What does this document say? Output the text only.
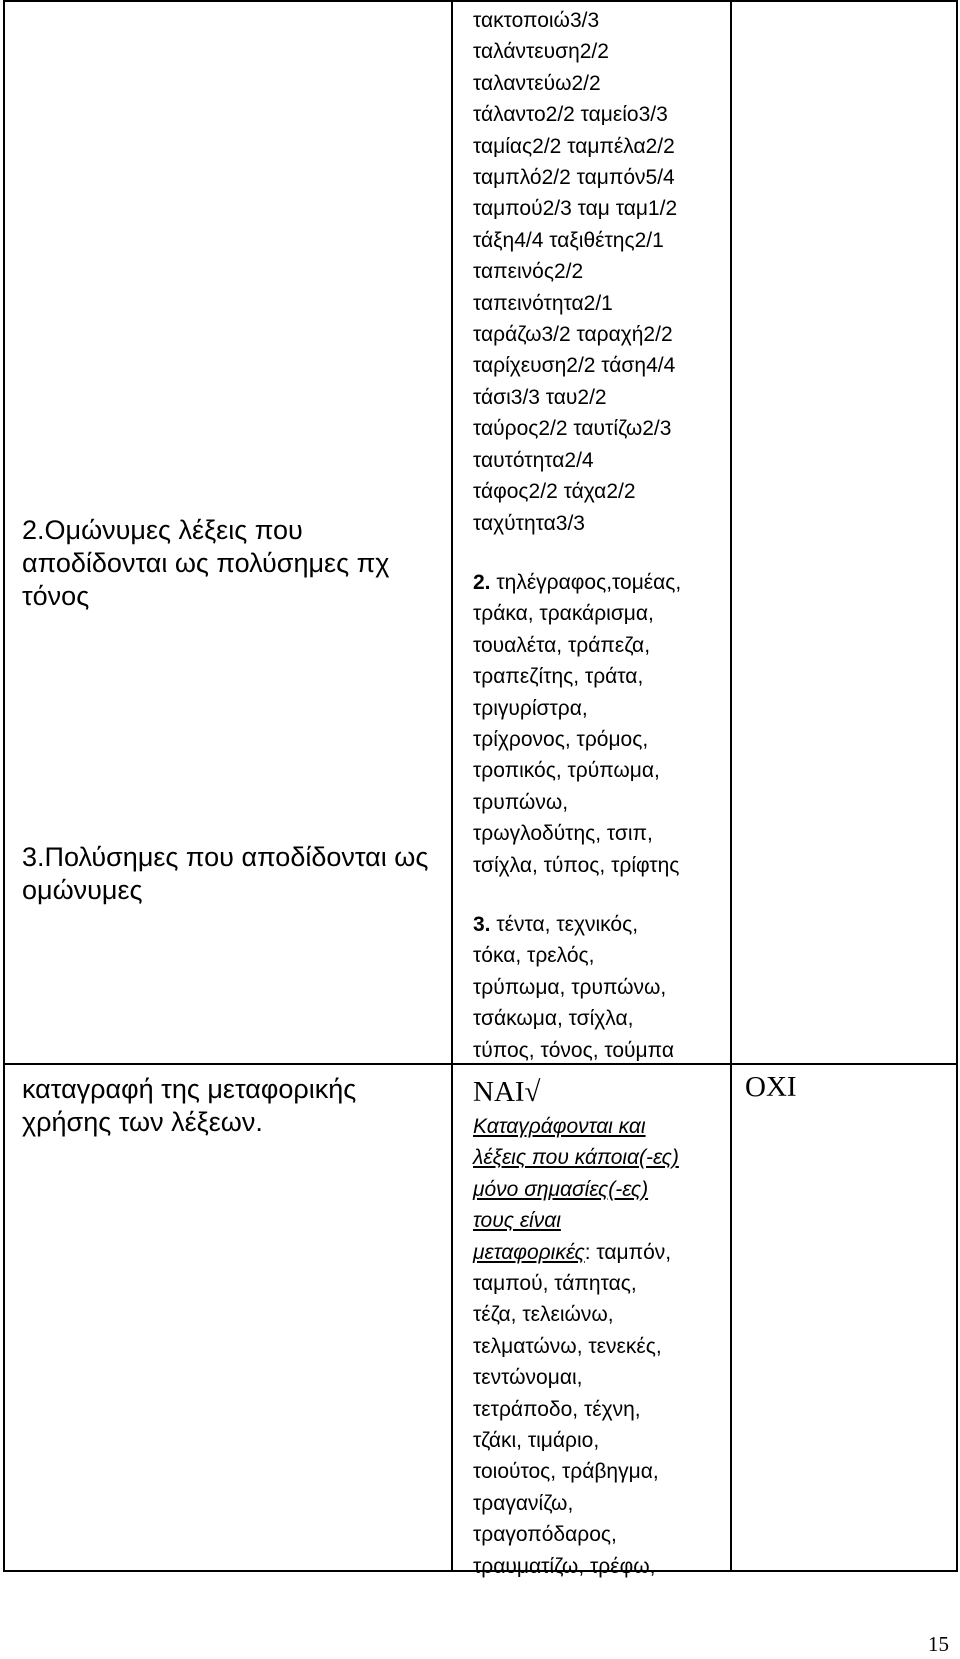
2.Ομώνυμες λέξεις που
αποδίδονται ως πολύσημες πχ
τόνος
3.Πολύσημες που αποδίδονται ως
ομώνυμες
καταγραφή της μεταφορικής
χρήσης των λέξεων.
τακτοποιώ3/3
ταλάντευση2/2
ταλαντεύω2/2
τάλαντο2/2 ταμείο3/3
ταμίας2/2 ταμπέλα2/2
ταμπλό2/2 ταμπόν5/4
ταμπού2/3 ταμ ταμ1/2
τάξη4/4 ταξιθέτης2/1
ταπεινός2/2
ταπεινότητα2/1
ταράζω3/2 ταραχή2/2
ταρίχευση2/2 τάση4/4
τάσι3/3 ταυ2/2
ταύρος2/2 ταυτίζω2/3
ταυτότητα2/4
τάφος2/2 τάχα2/2
ταχύτητα3/3
2. τηλέγραφος,τομέας,
τράκα, τρακάρισμα,
τουαλέτα, τράπεζα,
τραπεζίτης, τράτα,
τριγυρίστρα,
τρίχρονος, τρόμος,
τροπικός, τρύπωμα,
τρυπώνω,
τρωγλοδύτης, τσιπ,
τσίχλα, τύπος, τρίφτης
3. τέντα, τεχνικός,
τόκα, τρελός,
τρύπωμα, τρυπώνω,
τσάκωμα, τσίχλα,
τύπος, τόνος, τούμπα
ΝΑΙ√
Καταγράφονται και
λέξεις που κάποια(-ες)
μόνο σημασίες(-ες)
τους είναι
μεταφορικές: ταμπόν,
ταμπού, τάπητας,
τέζα, τελειώνω,
τελματώνω, τενεκές,
τεντώνομαι,
τετράποδο, τέχνη,
τζάκι, τιμάριο,
τοιούτος, τράβηγμα,
τραγανίζω,
τραγοπόδαρος,
τραυματίζω, τρέφω,
ΟΧΙ
15
